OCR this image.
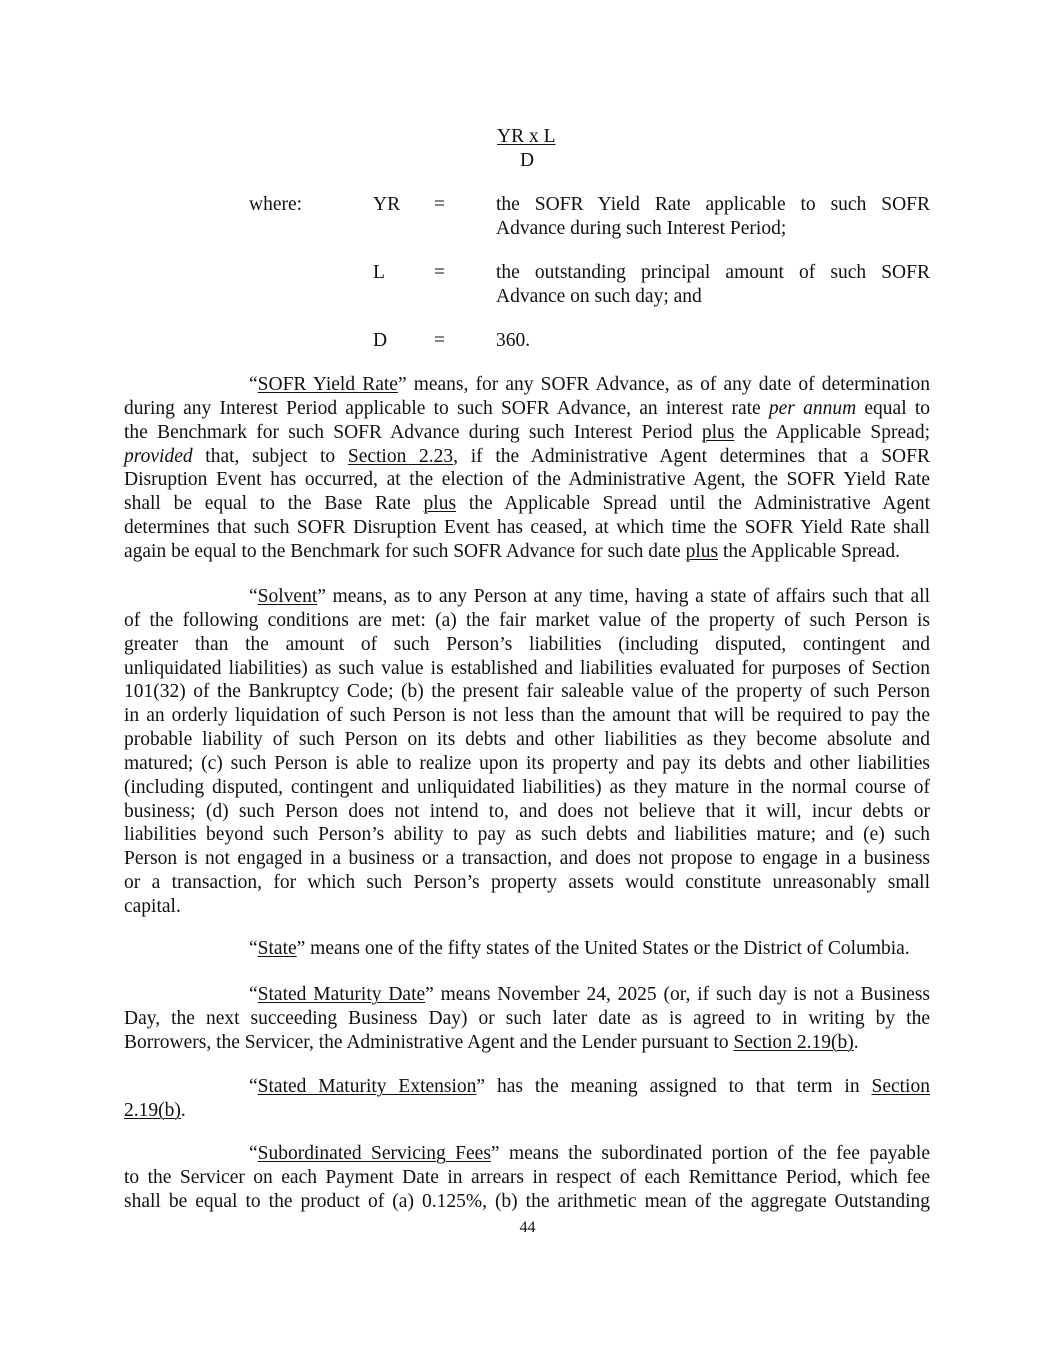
YR x L
D
where:	YR =	the SOFR Yield Rate applicable to such SOFR
Advance during such Interest Period;
L	=	the outstanding principal amount of such SOFR
Advance on such day; and
D =	360.
“SOFR Yield Rate” means, for any SOFR Advance, as of any date of determination
during any Interest Period applicable to such SOFR Advance, an interest rate per annum equal to
the Benchmark for such SOFR Advance during such Interest Period plus the Applicable Spread;
provided that, subject to Section 2.23, if the Administrative Agent determines that a SOFR
Disruption Event has occurred, at the election of the Administrative Agent, the SOFR Yield Rate
shall be equal to the Base Rate plus the Applicable Spread until the Administrative Agent
determines that such SOFR Disruption Event has ceased, at which time the SOFR Yield Rate shall
again be equal to the Benchmark for such SOFR Advance for such date plus the Applicable Spread.
“Solvent” means, as to any Person at any time, having a state of affairs such that all
of the following conditions are met: (a) the fair market value of the property of such Person is
greater than the amount of such Person’s liabilities (including disputed, contingent and
unliquidated liabilities) as such value is established and liabilities evaluated for purposes of Section
101(32) of the Bankruptcy Code; (b) the present fair saleable value of the property of such Person
in an orderly liquidation of such Person is not less than the amount that will be required to pay the
probable liability of such Person on its debts and other liabilities as they become absolute and
matured; (c) such Person is able to realize upon its property and pay its debts and other liabilities
(including disputed, contingent and unliquidated liabilities) as they mature in the normal course of
business; (d) such Person does not intend to, and does not believe that it will, incur debts or
liabilities beyond such Person’s ability to pay as such debts and liabilities mature; and (e) such
Person is not engaged in a business or a transaction, and does not propose to engage in a business
or a transaction, for which such Person’s property assets would constitute unreasonably small
capital.
“State” means one of the fifty states of the United States or the District of Columbia.
“Stated Maturity Date” means November 24, 2025 (or, if such day is not a Business
Day, the next succeeding Business Day) or such later date as is agreed to in writing by the
Borrowers, the Servicer, the Administrative Agent and the Lender pursuant to Section 2.19(b).
“Stated Maturity Extension” has the meaning assigned to that term in Section
2.19(b).
“Subordinated Servicing Fees” means the subordinated portion of the fee payable
to the Servicer on each Payment Date in arrears in respect of each Remittance Period, which fee
shall be equal to the product of (a) 0.125%, (b) the arithmetic mean of the aggregate Outstanding
44
